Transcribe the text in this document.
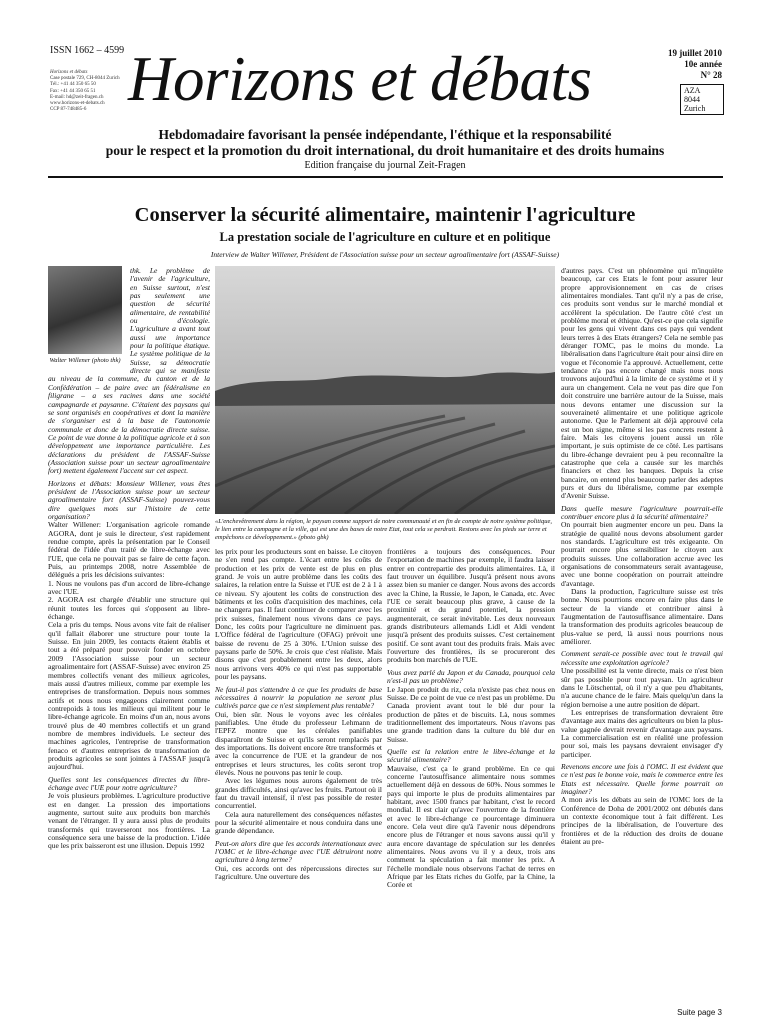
ISSN 1662 – 4599
Horizons et débats
Case postale 729, CH-8044 Zurich
Tél.: +41 44 350 65 50
Fax: +41 44 350 65 51
E-mail: hd@zeit-fragen.ch
www.horizons-et-debats.ch
CCP 87-748485-6 Horizons et débats	19 juillet 2010
10e année
N° 28
AZA
8044 Zurich
Hebdomadaire favorisant la pensée indépendante, l'éthique et la responsabilité
pour le respect et la promotion du droit international, du droit humanitaire et des droits humains
Edition française du journal Zeit-Fragen
Conserver la sécurité alimentaire, maintenir l'agriculture
La prestation sociale de l'agriculture en culture et en politique
Interview de Walter Willener, Président de l'Association suisse pour un secteur agroalimentaire fort (ASSAF-Suisse)

thk. Le problème de l'avenir de l'agriculture, en Suisse surtout, n'est pas seulement une question de sécurité alimentaire, de rentabilité ou d'écologie. L'agriculture a avant tout aussi une importance pour la politique étatique. Le système politique de la Suisse, sa démocratie directe qui se manifeste au niveau de la commune, du canton et de la Confédération – de paire avec un fédéralisme en filigrane – a ses racines dans une société campagnarde et paysanne. C'étaient des paysans qui se sont organisés en coopératives et dont la manière de s'organiser est à la base de l'autonomie communale et donc de la démocratie directe suisse. Ce point de vue donne à la politique agricole et à son développement une importance particulière. Les déclarations du président de l'ASSAF-Suisse (Association suisse pour un secteur agroalimentaire fort) mettent également l'accent sur cet aspect.

Horizons et débats: Monsieur Willener, vous êtes président de l'Association suisse pour un secteur agroalimentaire fort (ASSAF-Suisse) pouvez-vous dire quelques mots sur l'histoire de cette organisation?

Walter Willener: L'organisation agricole romande AGORA, dont je suis le directeur, s'est rapidement rendue compte, après la présentation par le Conseil fédéral de l'idée d'un traité de libre-échange avec l'UE, que cela ne pouvait pas se faire de cette façon. Puis, au printemps 2008, notre Assemblée de délégués a pris les décisions suivantes:

1. Nous ne voulons pas d'un accord de libre-échange avec l'UE.

2. AGORA est chargée d'établir une structure qui réunit toutes les forces qui s'opposent au libre-échange.

Cela a pris du temps. Nous avons vite fait de réaliser qu'il fallait élaborer une structure pour toute la Suisse. En juin 2009, les contacts étaient établis et tout a été préparé pour pouvoir fonder en octobre 2009 l'Association suisse pour un secteur agroalimentaire fort (ASSAF-Suisse) avec environ 25 membres collectifs venant des milieux agricoles, mais aussi d'autres milieux, comme par exemple les entreprises de transformation. Depuis nous sommes actifs et nous nous engageons clairement comme contrepoids à tous les milieux qui militent pour le libre-échange agricole. En moins d'un an, nous avons trouvé plus de 40 membres collectifs et un grand nombre de membres individuels. Le secteur des machines agricoles, l'entreprise de transformation fenaco et d'autres entreprises de transformation de produits agricoles se sont jointes à l'ASSAF jusqu'à aujourd'hui.

Quelles sont les conséquences directes du libre-échange avec l'UE pour notre agriculture?

Je vois plusieurs problèmes. L'agriculture productive est en danger. La pression des importations augmente, surtout suite aux produits bon marchés venant de l'étranger. Il y aura aussi plus de produits transformés qui traverseront nos frontières. La conséquence sera une baisse de la production. L'idée que les prix baisseront est une illusion. Depuis 1992

Walter Willener (photo thk)
«L'enchevêtrement dans la région, le paysan comme support de notre communauté et en fin de compte de notre système politique, le lien entre la campagne et la ville, qui est une des bases de notre Etat, tout cela se perdrait. Restons avec les pieds sur terre et empêchons ce développement.» (photo gbk)

les prix pour les producteurs sont en baisse. Le citoyen ne s'en rend pas compte. L'écart entre les coûts de production et les prix de vente est de plus en plus grand. Je vois un autre problème dans les coûts des salaires, la relation entre la Suisse et l'UE est de 2 à 1 à ce niveau. S'y ajoutent les coûts de construction des bâtiments et les coûts d'acquisition des machines, cela ne changera pas. Il faut continuer de comparer avec les prix suisses, finalement nous vivons dans ce pays. Donc, les coûts pour l'agriculture ne diminuent pas. L'Office fédéral de l'agriculture (OFAG) prévoit une baisse de revenu de 25 à 30%. L'Union suisse des paysans parle de 50%. Je crois que c'est réaliste. Mais disons que c'est probablement entre les deux, alors nous arrivons vers 40% ce qui n'est pas supportable pour les paysans.

Ne faut-il pas s'attendre à ce que les produits de base nécessaires à nourrir la population ne seront plus cultivés parce que ce n'est simplement plus rentable?

Oui, bien sûr. Nous le voyons avec les céréales panifiables. Une étude du professeur Lehmann de l'EPFZ montre que les céréales panifiables disparaîtront de Suisse et qu'ils seront remplacés par des importations. Ils doivent encore être transformés et avec la concurrence de l'UE et la grandeur de nos entreprises et leurs structures, les coûts seront trop élevés. Nous ne pouvons pas tenir le coup.

Avec les légumes nous aurons également de très grandes difficultés, ainsi qu'avec les fruits. Partout où il faut du travail intensif, il n'est pas possible de rester concurrentiel.

Cela aura naturellement des conséquences néfastes pour la sécurité alimentaire et nous conduira dans une grande dépendance.

Peut-on alors dire que les accords internationaux avec l'OMC et le libre-échange avec l'UE détruiront notre agriculture à long terme?

Oui, ces accords ont des répercussions directes sur l'agriculture. Une ouverture des

frontières a toujours des conséquences. Pour l'exportation de machines par exemple, il faudra laisser entrer en contrepartie des produits alimentaires. Là, il faut trouver un équilibre. Jusqu'à présent nous avons assez bien su manier ce danger. Nous avons des accords avec la Chine, la Russie, le Japon, le Canada, etc. Avec l'UE ce serait beaucoup plus grave, à cause de la proximité et du grand potentiel, la pression augmenterait, ce serait inévitable. Les deux nouveaux grands distributeurs allemands Lidl et Aldi vendent jusqu'à présent des produits suisses. C'est certainement positif. Ce sont avant tout des produits frais. Mais avec l'ouverture des frontières, ils se procureront des produits bon marchés de l'UE.

Vous avez parlé du Japon et du Canada, pourquoi cela n'est-il pas un problème?

Le Japon produit du riz, cela n'existe pas chez nous en Suisse. De ce point de vue ce n'est pas un problème. Du Canada provient avant tout le blé dur pour la production de pâtes et de biscuits. Là, nous sommes traditionnellement des importateurs. Nous n'avons pas une grande tradition dans la culture du blé dur en Suisse.

Quelle est la relation entre le libre-échange et la sécurité alimentaire?

Mauvaise, c'est ça le grand problème. En ce qui concerne l'autosuffisance alimentaire nous sommes actuellement déjà en dessous de 60%. Nous sommes le pays qui importe le plus de produits alimentaires par habitant, avec 1500 francs par habitant, c'est le record mondial. Il est clair qu'avec l'ouverture de la frontière et avec le libre-échange ce pourcentage diminuera encore. Cela veut dire qu'à l'avenir nous dépendrons encore plus de l'étranger et nous savons aussi qu'il y aura encore davantage de spéculation sur les denrées alimentaires. Nous avons vu il y a deux, trois ans comment la spéculation a fait monter les prix. A l'échelle mondiale nous observons l'achat de terres en Afrique par les Etats riches du Golfe, par la Chine, la Corée et

d'autres pays. C'est un phénomène qui m'inquiète beaucoup, car ces Etats le font pour assurer leur propre approvisionnement en cas de crises alimentaires mondiales. Tant qu'il n'y a pas de crise, ces produits sont vendus sur le marché mondial et accélèrent la spéculation. De l'autre côté c'est un problème moral et éthique. Qu'est-ce que cela signifie pour les gens qui vivent dans ces pays qui vendent leurs terres à des Etats étrangers? Cela ne semble pas déranger l'OMC, pas le moins du monde. La libéralisation dans l'agriculture était pour ainsi dire en vogue et l'économie l'a approuvé. Actuellement, cette tendance n'a pas encore changé mais nous nous trouvons aujourd'hui à la limite de ce système et il y aura un changement. Cela ne veut pas dire que l'on doit construire une barrière autour de la Suisse, mais nous devons entamer une discussion sur la souveraineté alimentaire et une politique agricole autonome. Que le Parlement ait déjà approuvé cela est un bon signe, même si les pas concrets restent à faire. Mais les citoyens jouent aussi un rôle important, je suis optimiste de ce côté. Les partisans du libre-échange devraient peu à peu reconnaître la catastrophe que cela a causée sur les marchés financiers et chez les banques. Depuis la crise bancaire, on entend plus beaucoup parler des adeptes purs et durs du libéralisme, comme par exemple d'Avenir Suisse.

Dans quelle mesure l'agriculture pourrait-elle contribuer encore plus à la sécurité alimentaire?

On pourrait bien augmenter encore un peu. Dans la stratégie de qualité nous devons absolument garder nos standards. L'agriculture est très exigeante. On pourrait encore plus sensibiliser le citoyen aux produits suisses. Une collaboration accrue avec les organisations de consommateurs serait avantageuse, avec une bonne coopération on pourrait atteindre d'avantage.

Dans la production, l'agriculture suisse est très bonne. Nous pourrions encore en faire plus dans le secteur de la viande et contribuer ainsi à l'augmentation de l'autosuffisance alimentaire. Dans la transformation des produits agricoles beaucoup de plus-value se perd, là aussi nous pourrions nous améliorer.

Comment serait-ce possible avec tout le travail qui nécessite une exploitation agricole?

Une possibilité est la vente directe, mais ce n'est bien sûr pas possible pour tout paysan. Un agriculteur dans le Lötschental, où il n'y a que peu d'habitants, n'a aucune chance de le faire. Mais quelqu'un dans la région bernoise a une autre position de départ.

Les entreprises de transformation devraient être d'avantage aux mains des agriculteurs ou bien la plus-value gagnée devrait revenir d'avantage aux paysans. La commercialisation est en réalité une profession pour soi, mais les paysans devraient envisager d'y participer.

Revenons encore une fois à l'OMC. Il est évident que ce n'est pas le bonne voie, mais le commerce entre les Etats est nécessaire. Quelle forme pourrait on imaginer?

A mon avis les débats au sein de l'OMC lors de la Conférence de Doha de 2001/2002 ont débutés dans un contexte économique tout à fait différent. Les principes de la libéralisation, de l'ouverture des frontières et de la réduction des droits de douane étaient au pre-

Suite page 3
